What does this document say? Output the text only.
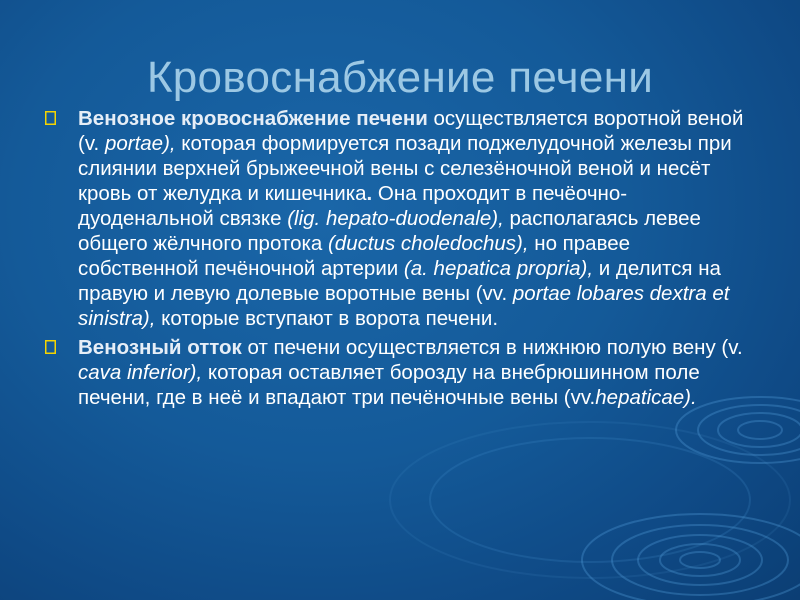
Кровоснабжение печени
Венозное кровоснабжение печени осуществляется воротной веной (v. portae), которая формируется позади поджелудочной железы при слиянии верхней брыжеечной вены с селезёночной веной и несёт кровь от желудка и кишечника. Она проходит в печёочно-дуоденальной связке (lig. hepato-duodenale), располагаясь левее общего жёлчного протока (ductus choledochus), но правее собственной печёночной артерии (a. hepatica propria), и делится на правую и левую долевые воротные вены (vv. portae lobares dextra et sinistra), которые вступают в ворота печени.
Венозный отток от печени осуществляется в нижнюю полую вену (v. cava inferior), которая оставляет борозду на внебрюшинном поле печени, где в неё и впадают три печёночные вены (vv.hepaticae).
